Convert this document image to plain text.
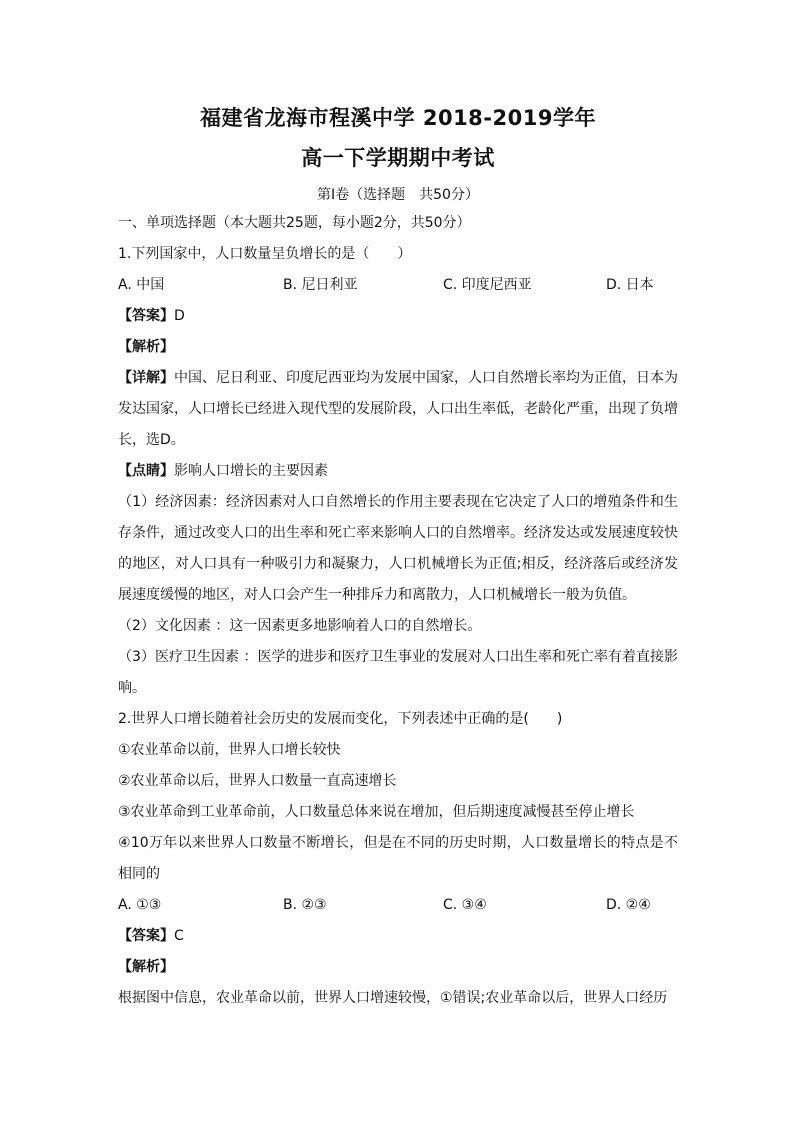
福建省龙海市程溪中学 2018-2019学年
高一下学期期中考试
第Ⅰ卷（选择题　共50分）
一、单项选择题（本大题共25题，每小题2分，共50分）
1.下列国家中，人口数量呈负增长的是（　　）
A. 中国	B. 尼日利亚	C. 印度尼西亚	D. 日本
【答案】D
【解析】
【详解】中国、尼日利亚、印度尼西亚均为发展中国家，人口自然增长率均为正值，日本为发达国家，人口增长已经进入现代型的发展阶段，人口出生率低，老龄化严重，出现了负增长，选D。
【点睛】影响人口增长的主要因素
（1）经济因素：经济因素对人口自然增长的作用主要表现在它决定了人口的增殖条件和生存条件，通过改变人口的出生率和死亡率来影响人口的自然增率。经济发达或发展速度较快的地区，对人口具有一种吸引力和凝聚力，人口机械增长为正值;相反，经济落后或经济发展速度缓慢的地区，对人口会产生一种排斥力和离散力，人口机械增长一般为负值。
（2）文化因素 ：这一因素更多地影响着人口的自然增长。
（3）医疗卫生因素 ：医学的进步和医疗卫生事业的发展对人口出生率和死亡率有着直接影响。
2.世界人口增长随着社会历史的发展而变化，下列表述中正确的是(　　)
①农业革命以前，世界人口增长较快
②农业革命以后，世界人口数量一直高速增长
③农业革命到工业革命前，人口数量总体来说在增加，但后期速度减慢甚至停止增长
④10万年以来世界人口数量不断增长，但是在不同的历史时期，人口数量增长的特点是不相同的
A. ①③	B. ②③	C. ③④	D. ②④
【答案】C
【解析】
根据图中信息，农业革命以前，世界人口增速较慢，①错误;农业革命以后，世界人口经历
